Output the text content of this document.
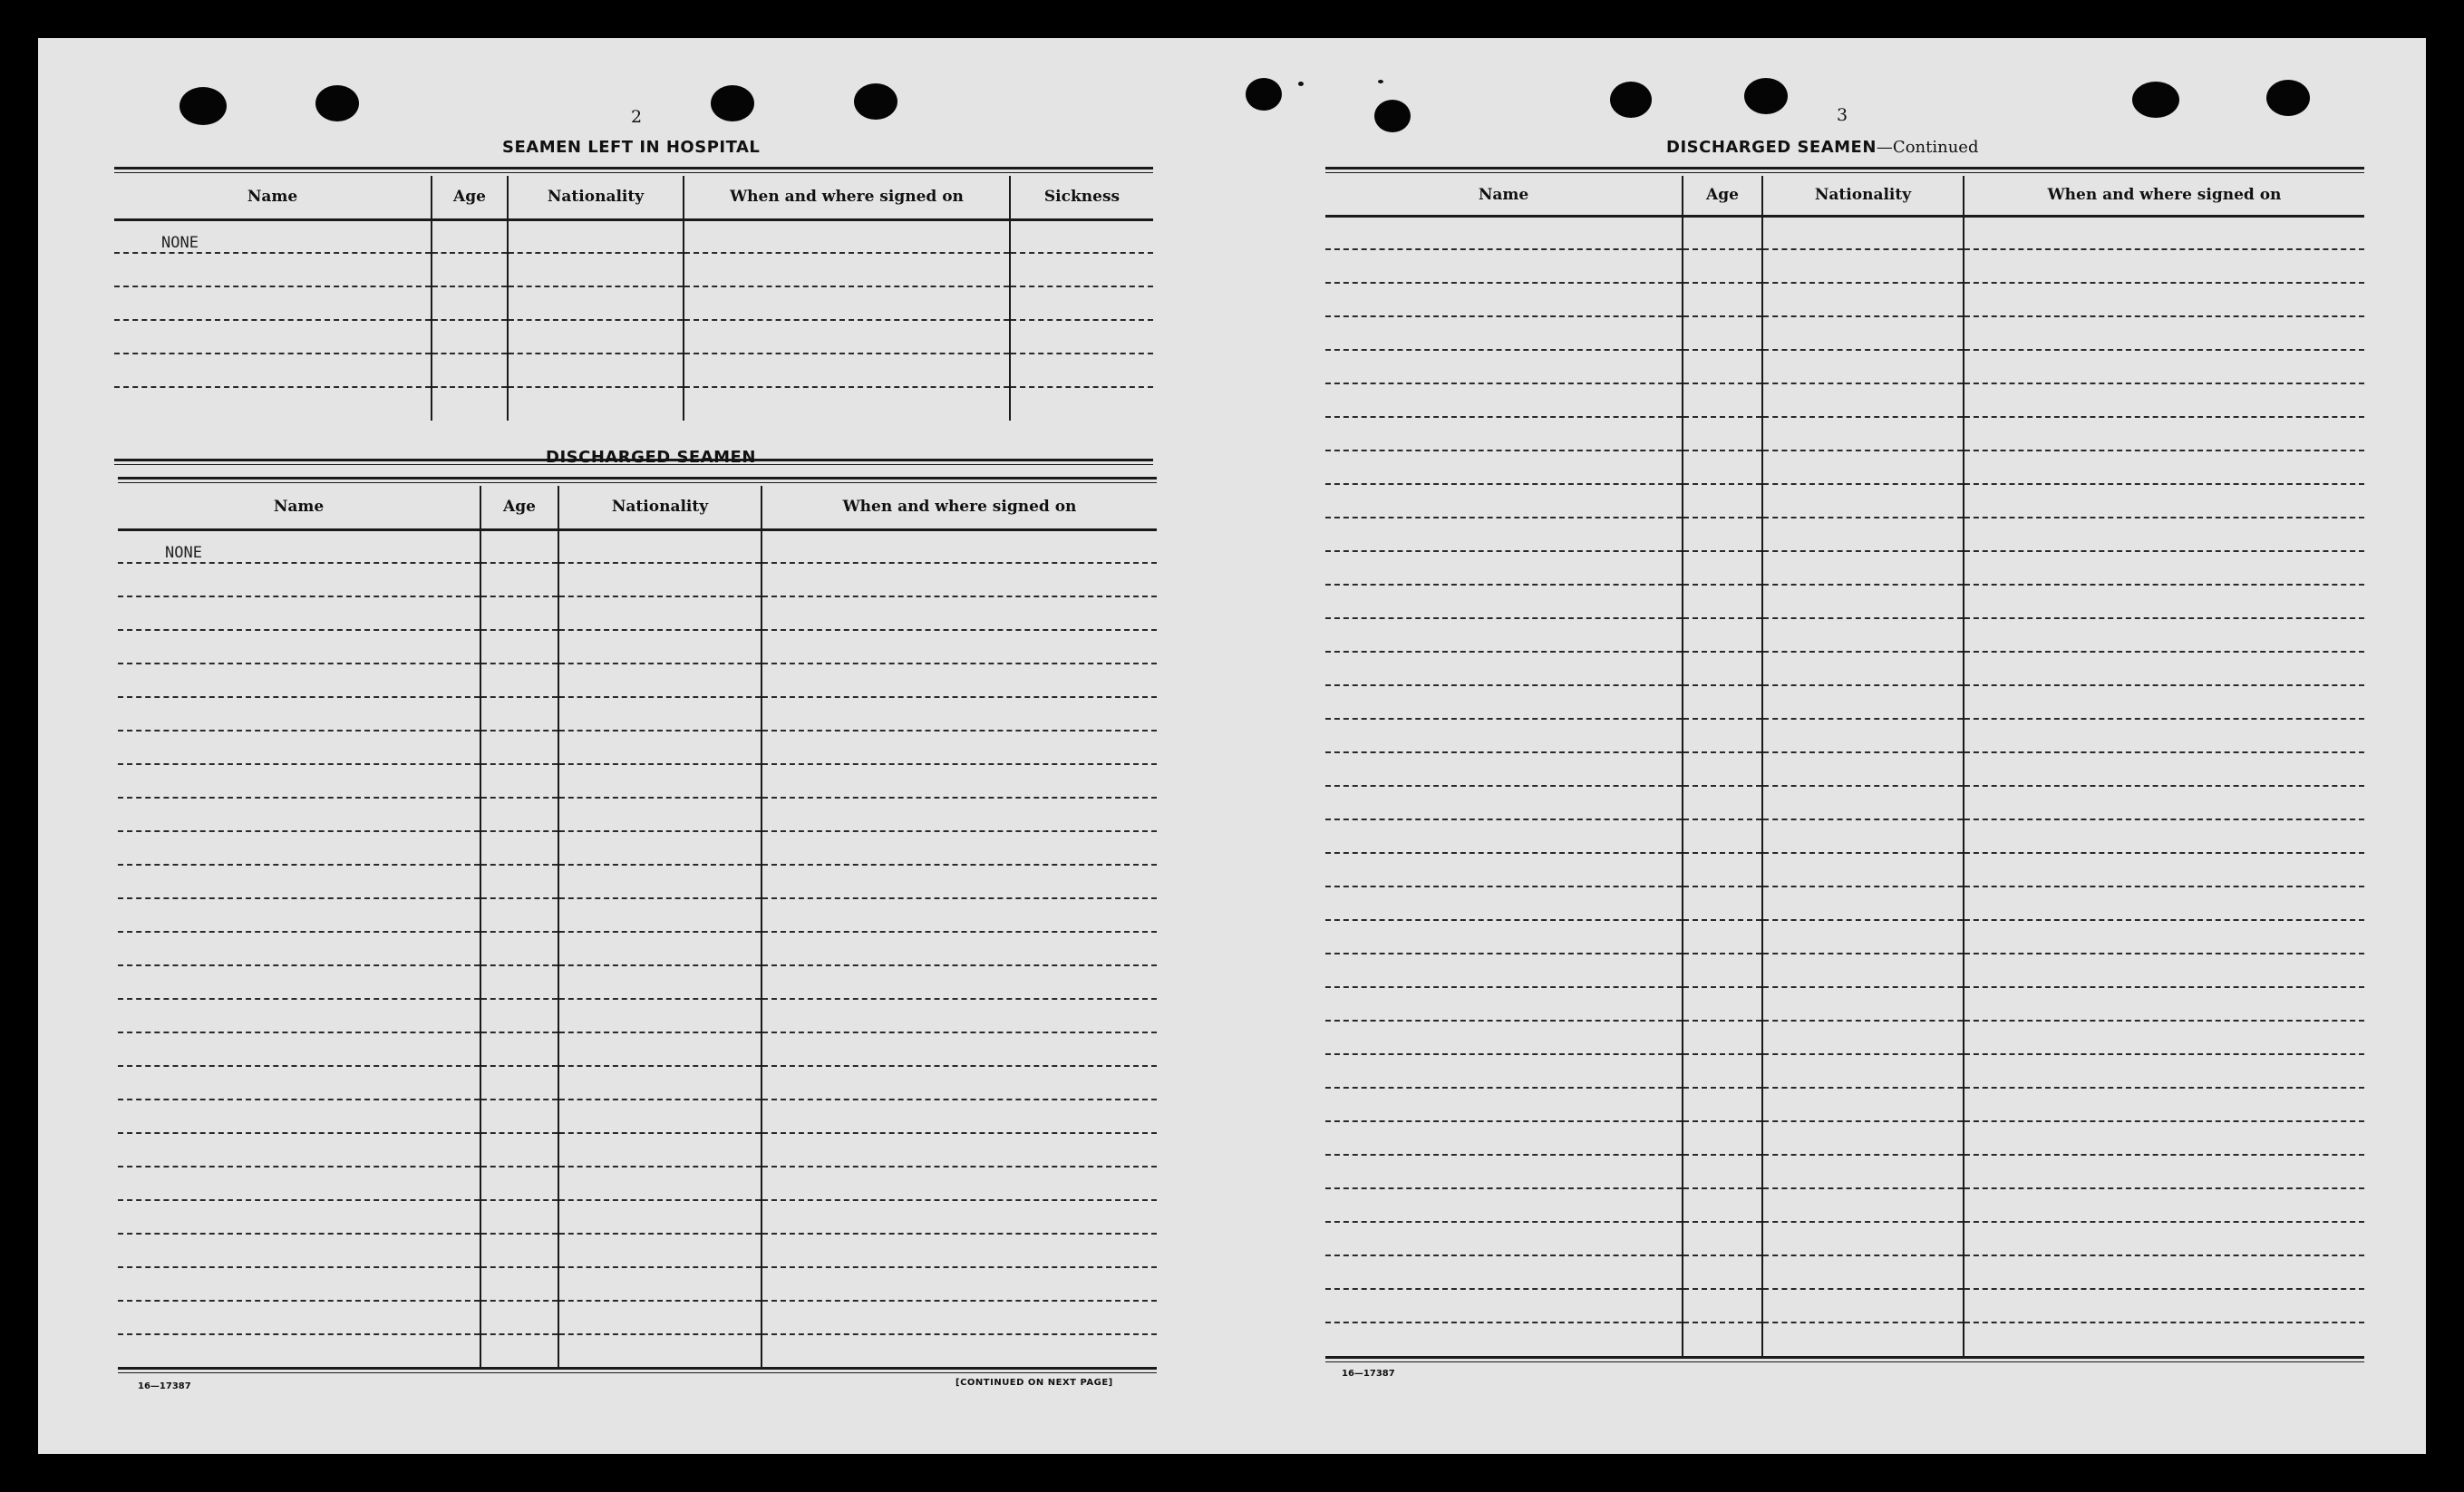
2
SEAMEN LEFT IN HOSPITAL
Name	Age	Nationality	When and where signed on	Sickness
NONE				

DISCHARGED SEAMEN
Name	Age	Nationality	When and where signed on
NONE			

16—17387	[CONTINUED ON NEXT PAGE]
3
DISCHARGED SEAMEN—Continued
Name	Age	Nationality	When and where signed on

16—17387
